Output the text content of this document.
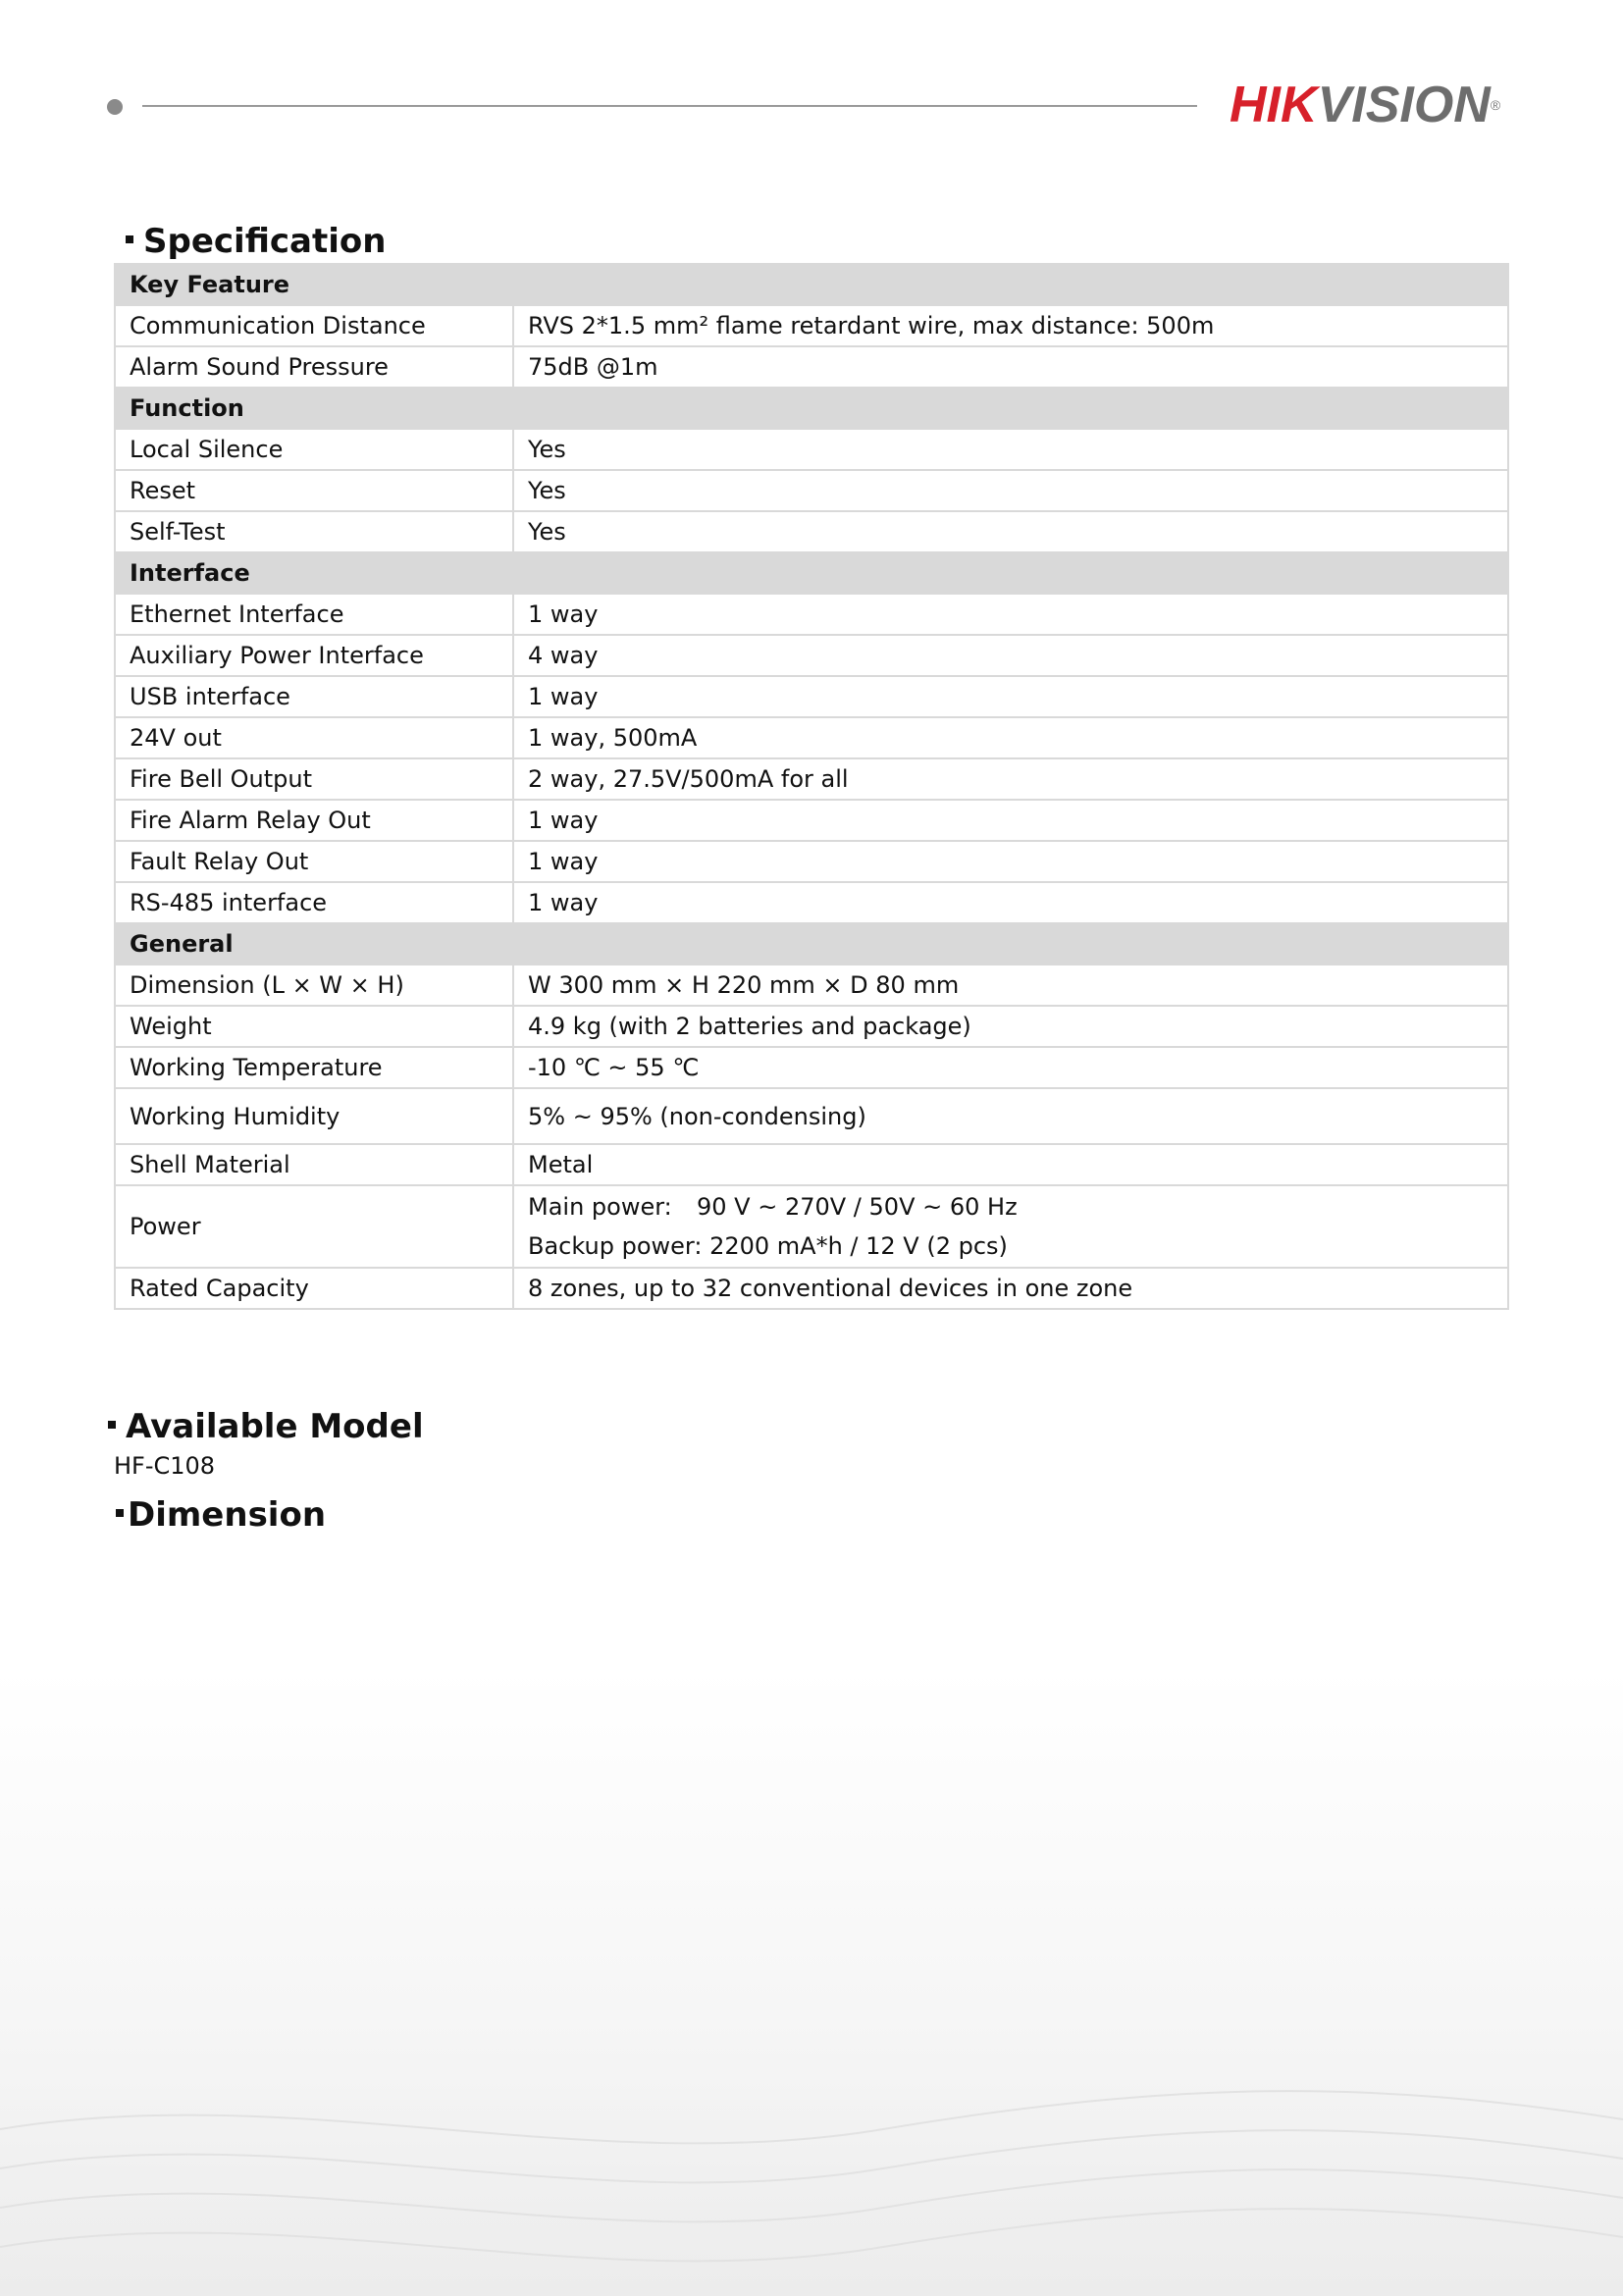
HIKVISION®
Specification
Key Feature	
Communication Distance	RVS 2*1.5 mm² flame retardant wire, max distance: 500m
Alarm Sound Pressure	75dB @1m
Function	
Local Silence	Yes
Reset	Yes
Self-Test	Yes
Interface	
Ethernet Interface	1 way
Auxiliary Power Interface	4 way
USB interface	1 way
24V out	1 way, 500mA
Fire Bell Output	2 way, 27.5V/500mA for all
Fire Alarm Relay Out	1 way
Fault Relay Out	1 way
RS-485 interface	1 way
General	
Dimension (L × W × H)	W 300 mm × H 220 mm × D 80 mm
Weight	4.9 kg (with 2 batteries and package)
Working Temperature	-10 ℃ ~ 55 ℃
Working Humidity	5% ~ 95% (non-condensing)
Shell Material	Metal
Power	Main power: 90 V ~ 270V / 50V ~ 60 Hz
Backup power: 2200 mA*h / 12 V (2 pcs)

Rated Capacity	8 zones, up to 32 conventional devices in one zone
Available Model
HF-C108
Dimension
